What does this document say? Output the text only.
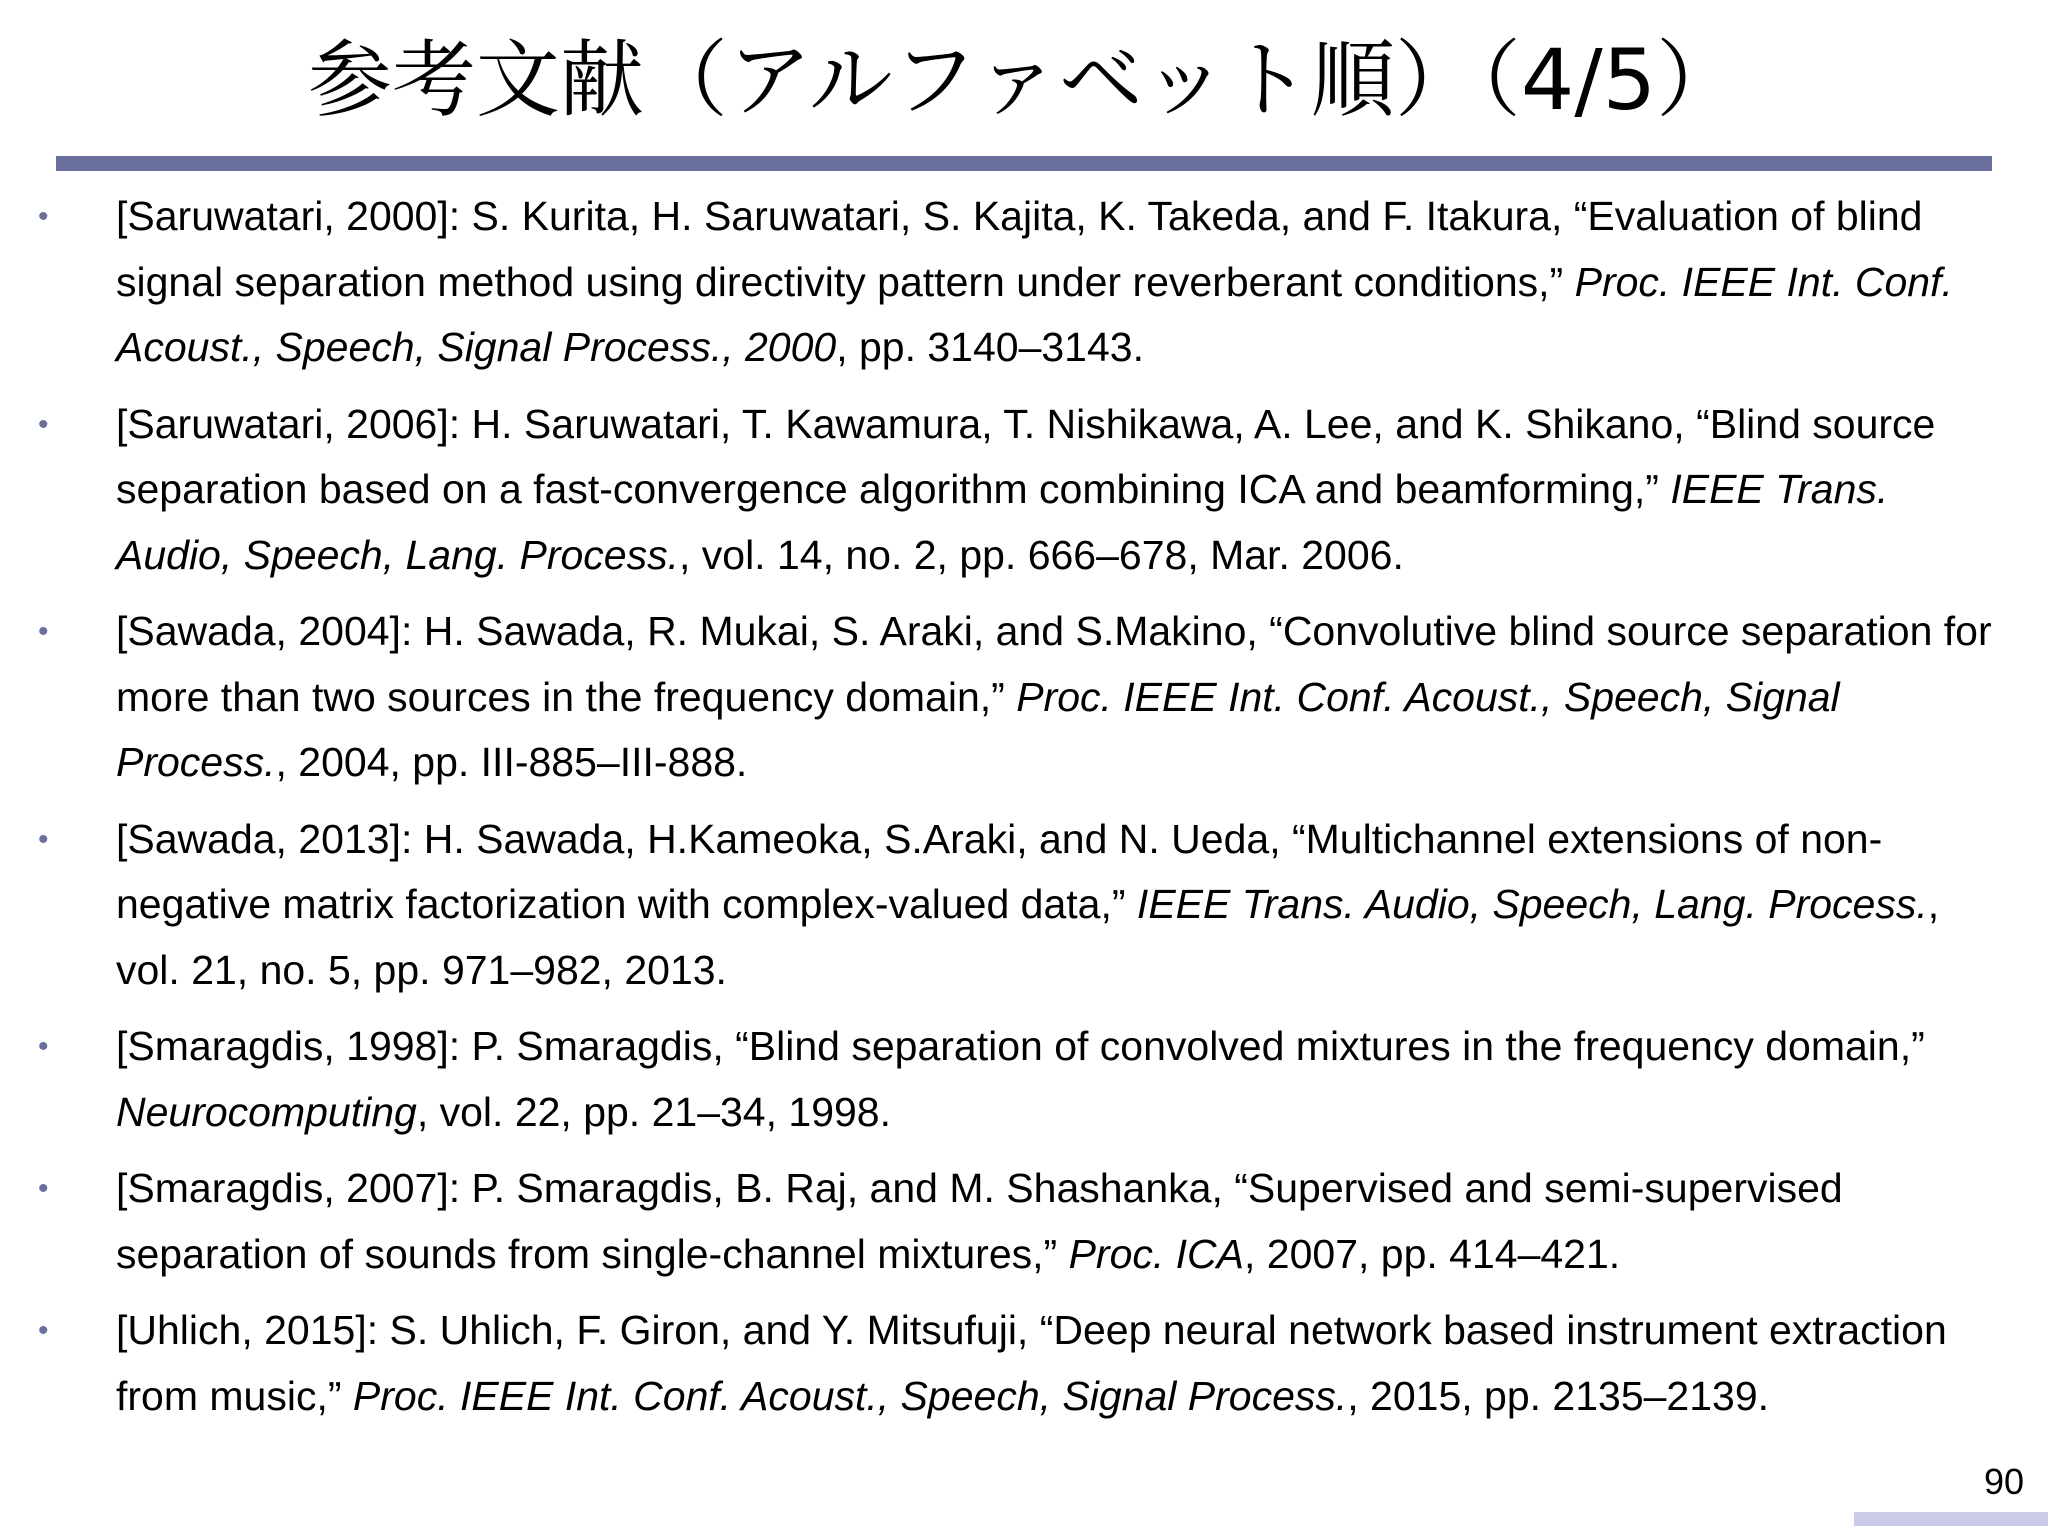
参考文献（アルファベット順）（4/5）
• [Saruwatari, 2000]: S. Kurita, H. Saruwatari, S. Kajita, K. Takeda, and F. Itakura, “Evaluation of blind signal separation method using directivity pattern under reverberant conditions,” Proc. IEEE Int. Conf. Acoust., Speech, Signal Process., 2000, pp. 3140–3143.
• [Saruwatari, 2006]: H. Saruwatari, T. Kawamura, T. Nishikawa, A. Lee, and K. Shikano, “Blind source separation based on a fast-convergence algorithm combining ICA and beamforming,” IEEE Trans. Audio, Speech, Lang. Process., vol. 14, no. 2, pp. 666–678, Mar. 2006.
• [Sawada, 2004]: H. Sawada, R. Mukai, S. Araki, and S.Makino, “Convolutive blind source separation for more than two sources in the frequency domain,” Proc. IEEE Int. Conf. Acoust., Speech, Signal Process., 2004, pp. III-885–III-888.
• [Sawada, 2013]: H. Sawada, H.Kameoka, S.Araki, and N. Ueda, “Multichannel extensions of non-negative matrix factorization with complex-valued data,” IEEE Trans. Audio, Speech, Lang. Process., vol. 21, no. 5, pp. 971–982, 2013.
• [Smaragdis, 1998]: P. Smaragdis, “Blind separation of convolved mixtures in the frequency domain,” Neurocomputing, vol. 22, pp. 21–34, 1998.
• [Smaragdis, 2007]: P. Smaragdis, B. Raj, and M. Shashanka, “Supervised and semi-supervised separation of sounds from single-channel mixtures,” Proc. ICA, 2007, pp. 414–421.
• [Uhlich, 2015]: S. Uhlich, F. Giron, and Y. Mitsufuji, “Deep neural network based instrument extraction from music,” Proc. IEEE Int. Conf. Acoust., Speech, Signal Process., 2015, pp. 2135–2139.
90
